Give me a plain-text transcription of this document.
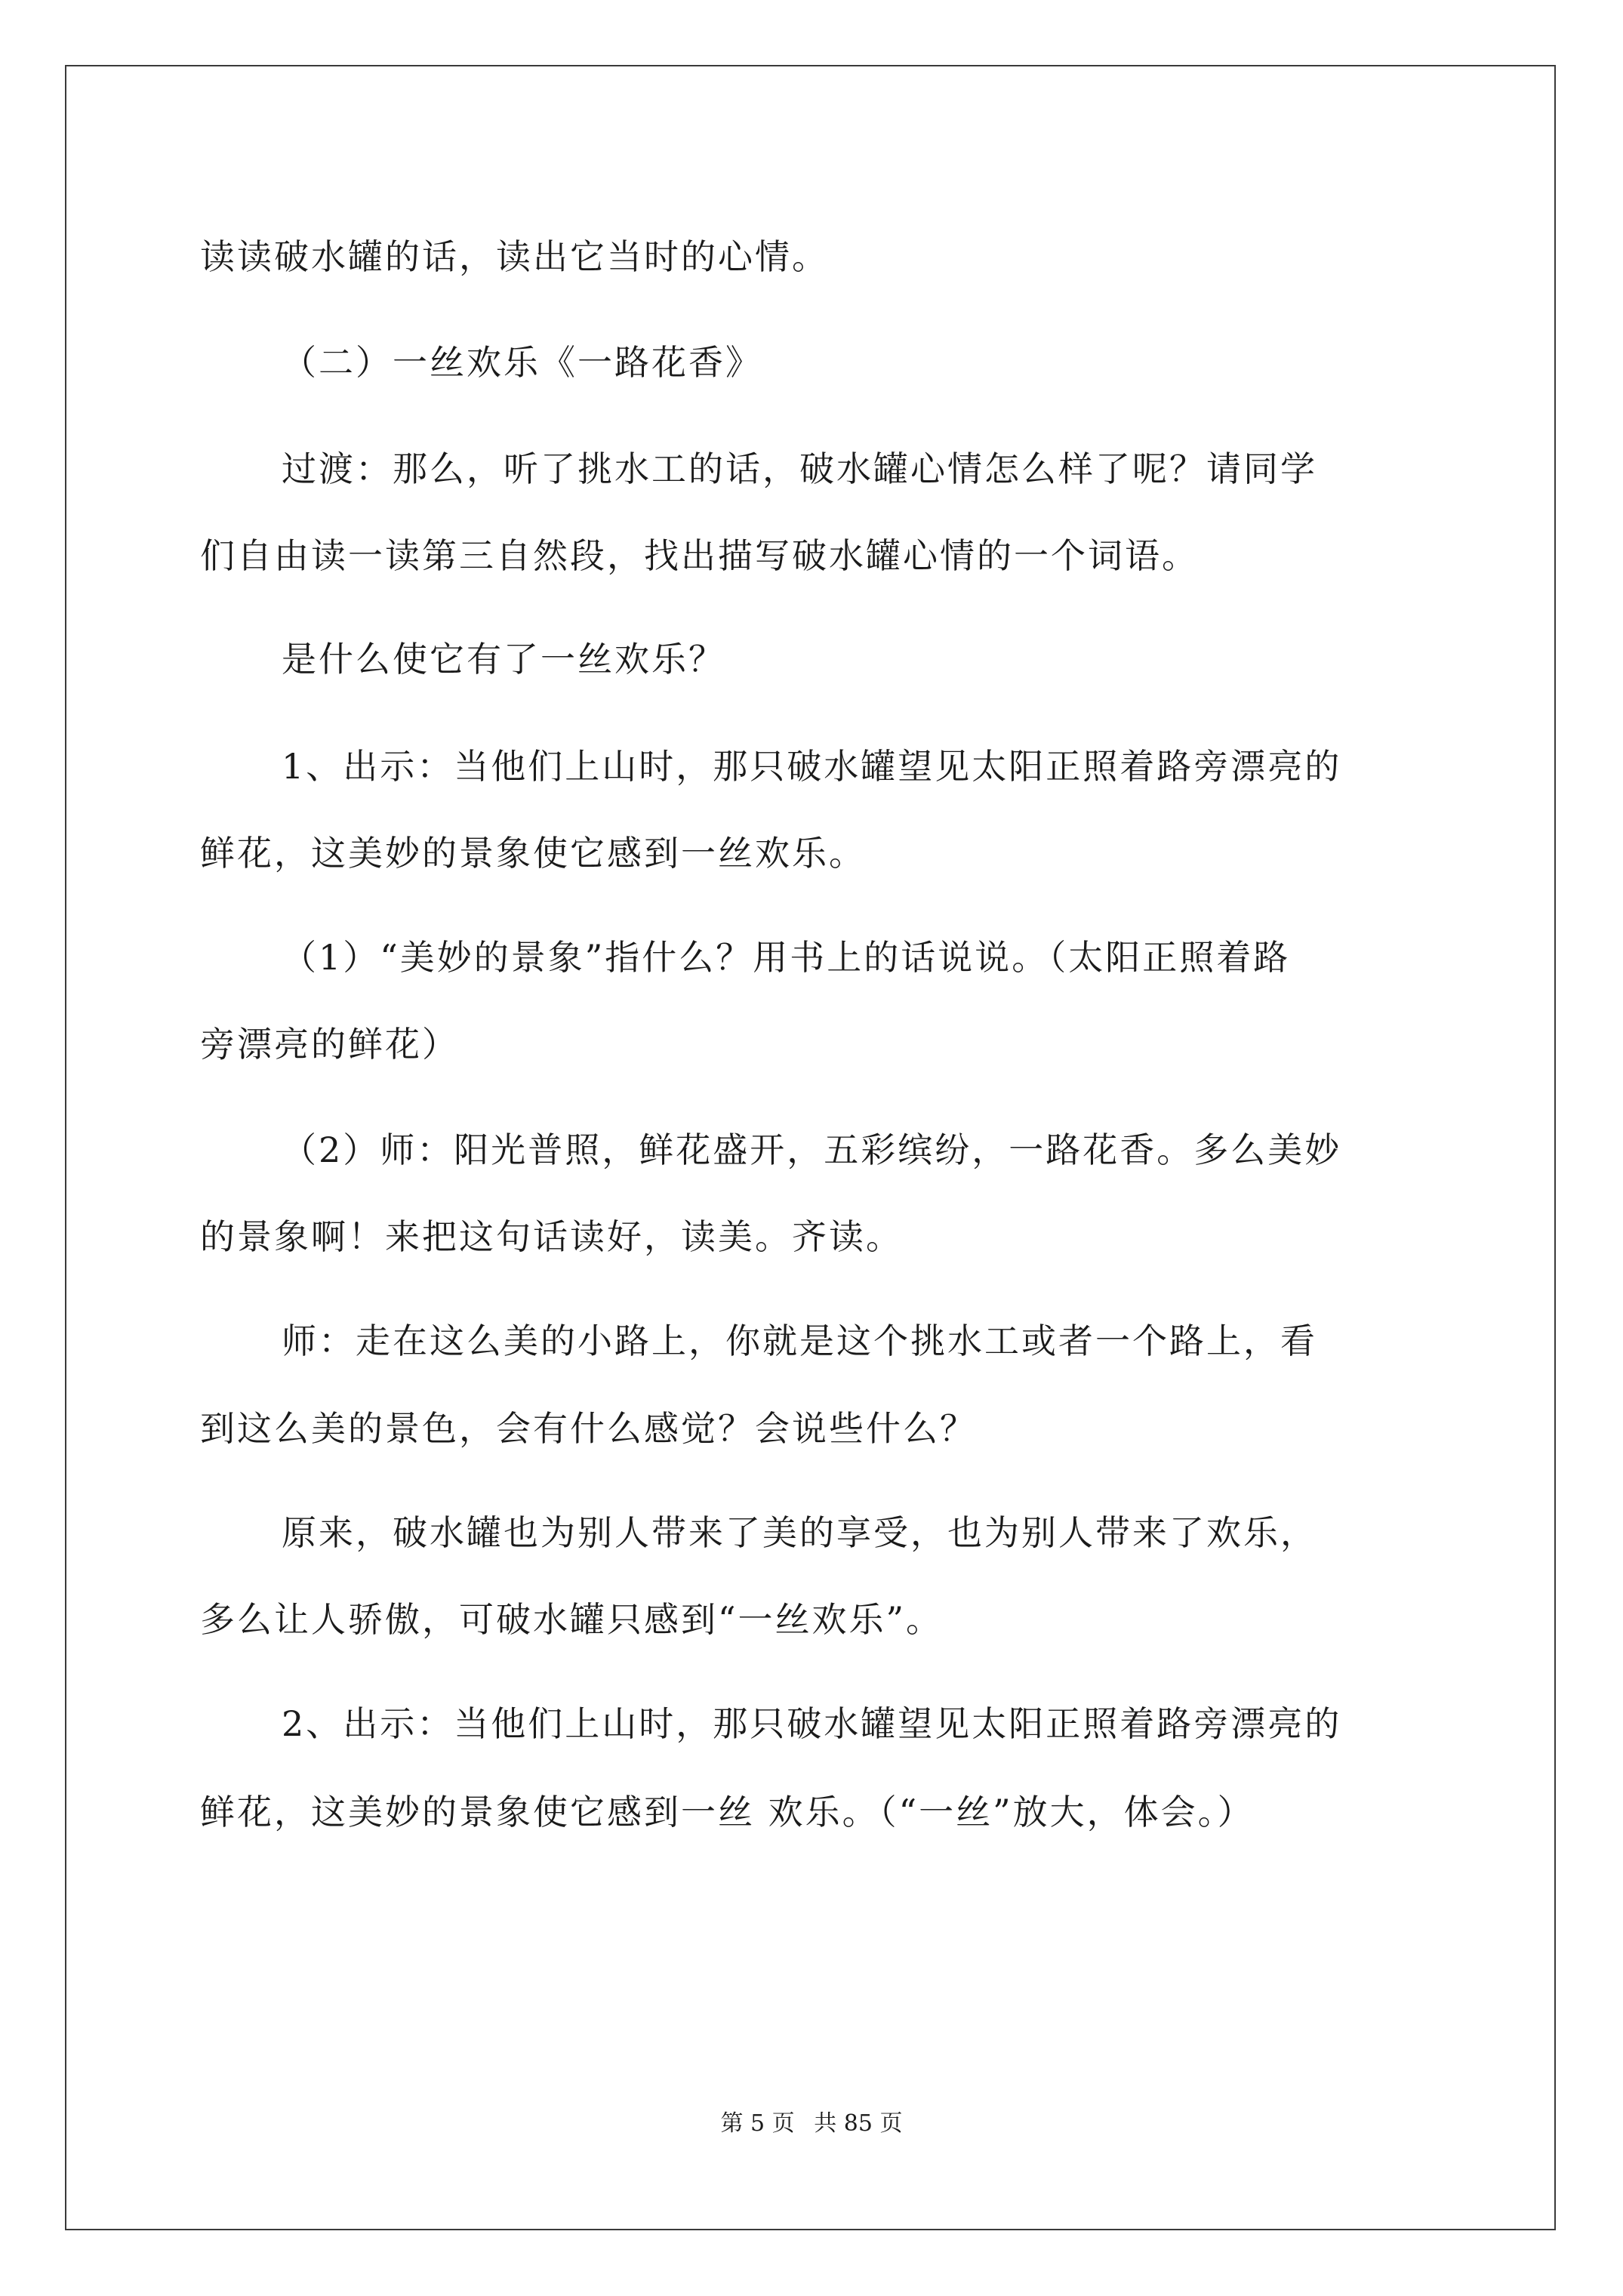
读读破水罐的话，读出它当时的心情。
（二）一丝欢乐《一路花香》
过渡：那么，听了挑水工的话，破水罐心情怎么样了呢？请同学
们自由读一读第三自然段，找出描写破水罐心情的一个词语。
是什么使它有了一丝欢乐？
1、出示：当他们上山时，那只破水罐望见太阳正照着路旁漂亮的
鲜花，这美妙的景象使它感到一丝欢乐。
（1）“美妙的景象”指什么？用书上的话说说。（太阳正照着路
旁漂亮的鲜花）
（2）师：阳光普照，鲜花盛开，五彩缤纷，一路花香。多么美妙
的景象啊！来把这句话读好，读美。齐读。
师：走在这么美的小路上，你就是这个挑水工或者一个路上，看
到这么美的景色，会有什么感觉？会说些什么？
原来，破水罐也为别人带来了美的享受，也为别人带来了欢乐，
多么让人骄傲，可破水罐只感到“一丝欢乐”。
2、出示：当他们上山时，那只破水罐望见太阳正照着路旁漂亮的
鲜花，这美妙的景象使它感到一丝 欢乐。（“一丝”放大，体会。）
第 5 页 共 85 页
